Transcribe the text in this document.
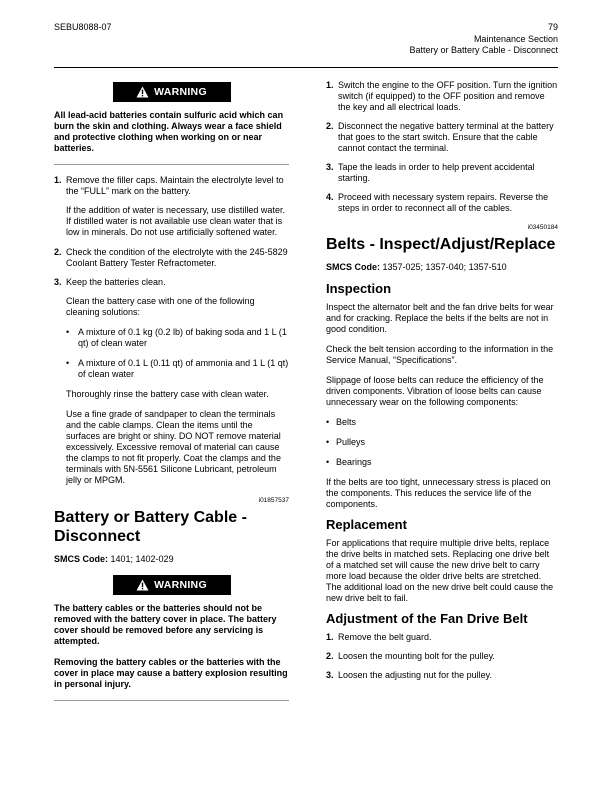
SEBU8088-07	79
Maintenance Section
Battery or Battery Cable - Disconnect
WARNING

All lead-acid batteries contain sulfuric acid which can burn the skin and clothing. Always wear a face shield and protective clothing when working on or near batteries.

1. Remove the filler caps. Maintain the electrolyte level to the “FULL” mark on the battery.

If the addition of water is necessary, use distilled water. If distilled water is not available use clean water that is low in minerals. Do not use artificially softened water.

2. Check the condition of the electrolyte with the 245‑5829 Coolant Battery Tester Refractometer.
3. Keep the batteries clean.

Clean the battery case with one of the following cleaning solutions:

• A mixture of 0.1 kg (0.2 lb) of baking soda and 1 L (1 qt) of clean water
• A mixture of 0.1 L (0.11 qt) of ammonia and 1 L (1 qt) of clean water

Thoroughly rinse the battery case with clean water.

Use a fine grade of sandpaper to clean the terminals and the cable clamps. Clean the items until the surfaces are bright or shiny. DO NOT remove material excessively. Excessive removal of material can cause the clamps to not fit properly. Coat the clamps and the terminals with 5N‑5561 Silicone Lubricant, petroleum jelly or MPGM.

i01857537
Battery or Battery Cable - Disconnect

SMCS Code: 1401; 1402-029

WARNING

The battery cables or the batteries should not be removed with the battery cover in place. The battery cover should be removed before any servicing is attempted.

Removing the battery cables or the batteries with the cover in place may cause a battery explosion resulting in personal injury.

1. Switch the engine to the OFF position. Turn the ignition switch (if equipped) to the OFF position and remove the key and all electrical loads.
2. Disconnect the negative battery terminal at the battery that goes to the start switch. Ensure that the cable cannot contact the terminal.
3. Tape the leads in order to help prevent accidental starting.
4. Proceed with necessary system repairs. Reverse the steps in order to reconnect all of the cables.
i03450184
Belts - Inspect/Adjust/Replace

SMCS Code: 1357-025; 1357-040; 1357-510

Inspection

Inspect the alternator belt and the fan drive belts for wear and for cracking. Replace the belts if the belts are not in good condition.

Check the belt tension according to the information in the Service Manual, “Specifications”.

Slippage of loose belts can reduce the efficiency of the driven components. Vibration of loose belts can cause unnecessary wear on the following components:

• Belts
• Pulleys
• Bearings

If the belts are too tight, unnecessary stress is placed on the components. This reduces the service life of the components.

Replacement

For applications that require multiple drive belts, replace the drive belts in matched sets. Replacing one drive belt of a matched set will cause the new drive belt to carry more load because the older drive belts are stretched. The additional load on the new drive belt could cause the new drive belt to fail.

Adjustment of the Fan Drive Belt
1. Remove the belt guard.
2. Loosen the mounting bolt for the pulley.
3. Loosen the adjusting nut for the pulley.
